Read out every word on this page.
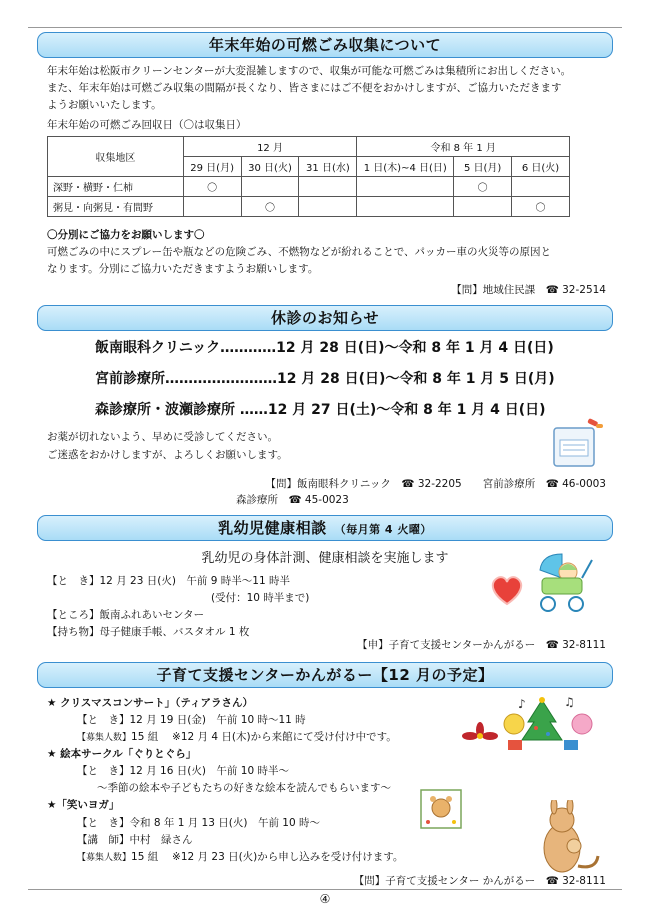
年末年始の可燃ごみ収集について

年末年始は松阪市クリーンセンターが大変混雑しますので、収集が可能な可燃ごみは集積所にお出しください。
また、年末年始は可燃ごみ収集の間隔が長くなり、皆さまにはご不便をおかけしますが、ご協力いただきます
ようお願いいたします。

年末年始の可燃ごみ回収日（〇は収集日）
収集地区	12 月			令和 8 年 1 月		
	29 日(月)	30 日(火)	31 日(水)	1 日(木)~4 日(日)	5 日(月)	6 日(火)
深野・横野・仁柿	〇				〇	
粥見・向粥見・有間野		〇				〇
〇分別にご協力をお願いします〇

可燃ごみの中にスプレー缶や瓶などの危険ごみ、不燃物などが紛れることで、パッカー車の火災等の原因と
なります。分別にご協力いただきますようお願いします。

【問】地域住民課　☎ 32-2514
休診のお知らせ
飯南眼科クリニック…………12 月 28 日(日)～令和 8 年 1 月 4 日(日)
宮前診療所……………………12 月 28 日(日)～令和 8 年 1 月 5 日(月)
森診療所・波瀬診療所 ……12 月 27 日(土)～令和 8 年 1 月 4 日(日)

お薬が切れないよう、早めに受診してください。
ご迷惑をおかけしますが、よろしくお願いします。

【問】飯南眼科クリニック　☎ 32-2205　　宮前診療所　☎ 46-0003
森診療所　☎ 45-0023
乳幼児健康相談 （毎月第 4 火曜）
乳幼児の身体計測、健康相談を実施します
【と　き】12 月 23 日(火)　午前 9 時半～11 時半
(受付：10 時半まで)
【ところ】飯南ふれあいセンター
【持ち物】母子健康手帳、バスタオル 1 枚
【申】子育て支援センターかんがるー　☎ 32-8111
子育て支援センターかんがるー【12 月の予定】
★ クリスマスコンサート」（ティアラさん）
【と　き】12 月 19 日(金)　午前 10 時～11 時
【募集人数】15 組　 ※12 月 4 日(木)から来館にて受け付け中です。
★ 絵本サークル「ぐりとぐら」
【と　き】12 月 16 日(火)　午前 10 時半～
～季節の絵本や子どもたちの好きな絵本を読んでもらいます～
★「笑いヨガ」
【と　き】令和 8 年 1 月 13 日(火)　午前 10 時～
【講　師】中村　緑さん
【募集人数】15 組　 ※12 月 23 日(火)から申し込みを受け付けます。
♪	♫
【問】子育て支援センター かんがるー　☎ 32-8111
④
